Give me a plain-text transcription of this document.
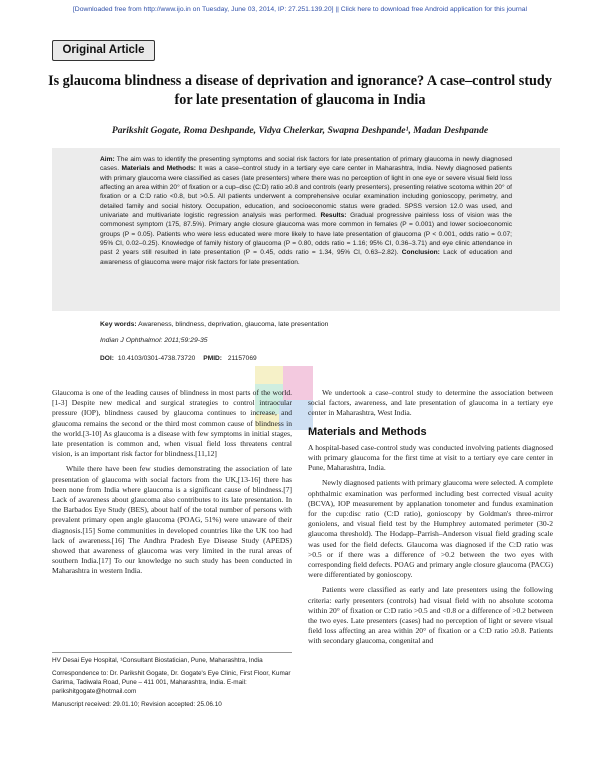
[Downloaded free from http://www.ijo.in on Tuesday, June 03, 2014, IP: 27.251.139.20] || Click here to download free Android application for this journal
Original Article
Is glaucoma blindness a disease of deprivation and ignorance? A case–control study for late presentation of glaucoma in India
Parikshit Gogate, Roma Deshpande, Vidya Chelerkar, Swapna Deshpande¹, Madan Deshpande
Aim: The aim was to identify the presenting symptoms and social risk factors for late presentation of primary glaucoma in newly diagnosed cases. Materials and Methods: It was a case–control study in a tertiary eye care center in Maharashtra, India. Newly diagnosed patients with primary glaucoma were classified as cases (late presenters) where there was no perception of light in one eye or severe visual field loss affecting an area within 20° of fixation or a cup–disc (C:D) ratio ≥0.8 and controls (early presenters), presenting relative scotoma within 20° of fixation or a C:D ratio <0.8, but >0.5. All patients underwent a comprehensive ocular examination including gonioscopy, perimetry, and detailed family and social history. Occupation, education, and socioeconomic status were graded. SPSS version 12.0 was used, and univariate and multivariate logistic regression analysis was performed. Results: Gradual progressive painless loss of vision was the commonest symptom (175, 87.5%). Primary angle closure glaucoma was more common in females (P = 0.001) and lower socioeconomic groups (P = 0.05). Patients who were less educated were more likely to have late presentation of glaucoma (P < 0.001, odds ratio = 0.07; 95% CI, 0.02–0.25). Knowledge of family history of glaucoma (P = 0.80, odds ratio = 1.16; 95% CI, 0.36–3.71) and eye clinic attendance in past 2 years still resulted in late presentation (P = 0.45, odds ratio = 1.34, 95% CI, 0.63–2.82). Conclusion: Lack of education and awareness of glaucoma were major risk factors for late presentation.
Key words: Awareness, blindness, deprivation, glaucoma, late presentation
Indian J Ophthalmol: 2011;59:29-35
DOI: 10.4103/0301-4738.73720 PMID: 21157069

Glaucoma is one of the leading causes of blindness in most parts of the world.[1-3] Despite new medical and surgical strategies to control intraocular pressure (IOP), blindness caused by glaucoma continues to increase, and glaucoma remains the second or the third most common cause of blindness in the world.[3-10] As glaucoma is a disease with few symptoms in initial stages, late presentation is common and, when visual field loss threatens central vision, is an important risk factor for blindness.[11,12]

While there have been few studies demonstrating the association of late presentation of glaucoma with social factors from the UK,[13-16] there has been none from India where glaucoma is a significant cause of blindness.[7] Lack of awareness about glaucoma also contributes to its late presentation. In the Barbados Eye Study (BES), about half of the total number of persons with prevalent primary open angle glaucoma (POAG, 51%) were unaware of their diagnosis.[15] Some communities in developed countries like the UK too had lack of awareness.[16] The Andhra Pradesh Eye Disease Study (APEDS) showed that awareness of glaucoma was very limited in the rural areas of southern India.[17] To our knowledge no such study has been conducted in Maharashtra in western India.

HV Desai Eye Hospital, ¹Consultant Biostatician, Pune, Maharashtra, India

Correspondence to: Dr. Parikshit Gogate, Dr. Gogate's Eye Clinic, First Floor, Kumar Garima, Tadiwala Road, Pune – 411 001, Maharashtra, India. E-mail: parikshitgogate@hotmail.com

Manuscript received: 29.01.10; Revision accepted: 25.06.10

We undertook a case–control study to determine the association between social factors, awareness, and late presentation of glaucoma in a tertiary eye center in Maharashtra, West India.

Materials and Methods

A hospital-based case-control study was conducted involving patients diagnosed with primary glaucoma for the first time at visit to a tertiary eye care center in Pune, Maharashtra, India.

Newly diagnosed patients with primary glaucoma were selected. A complete ophthalmic examination was performed including best corrected visual acuity (BCVA), IOP measurement by applanation tonometer and fundus examination for the cup:disc ratio (C:D ratio), gonioscopy by Goldman's three-mirror goniolens, and visual field test by the Humphrey automated perimeter (30-2 glaucoma threshold). The Hodapp–Parrish–Anderson visual field grading scale was used for the field defects. Glaucoma was diagnosed if the C:D ratio was >0.5 or if there was a difference of >0.2 between the two eyes with corresponding field defects. POAG and primary angle closure glaucoma (PACG) were differentiated by gonioscopy.

Patients were classified as early and late presenters using the following criteria: early presenters (controls) had visual field with no absolute scotoma within 20° of fixation or C:D ratio >0.5 and <0.8 or a difference of >0.2 between the two eyes. Late presenters (cases) had no perception of light or severe visual field loss affecting an area within 20° of fixation or a C:D ratio ≥0.8. Patients with secondary glaucoma, congenital and
